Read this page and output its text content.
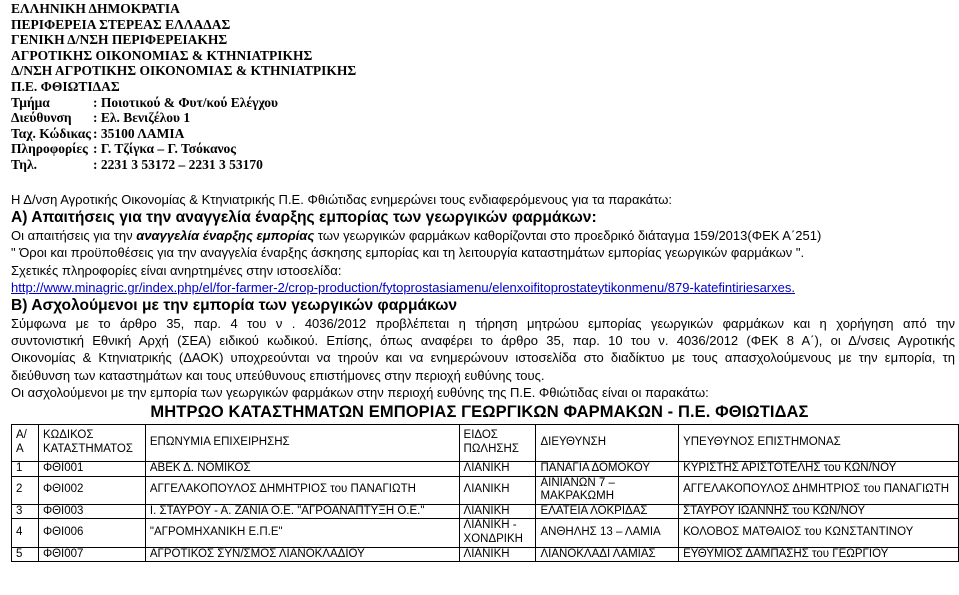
ΕΛΛΗΝΙΚΗ ΔΗΜΟΚΡΑΤΙΑ
ΠΕΡΙΦΕΡΕΙΑ ΣΤΕΡΕΑΣ ΕΛΛΑΔΑΣ
ΓΕΝΙΚΗ Δ/ΝΣΗ ΠΕΡΙΦΕΡΕΙΑΚΗΣ
ΑΓΡΟΤΙΚΗΣ ΟΙΚΟΝΟΜΙΑΣ & ΚΤΗΝΙΑΤΡΙΚΗΣ
Δ/ΝΣΗ ΑΓΡΟΤΙΚΗΣ ΟΙΚΟΝΟΜΙΑΣ & ΚΤΗΝΙΑΤΡΙΚΗΣ
Π.Ε. ΦΘΙΩΤΙΔΑΣ
Τμήμα	: Ποιοτικού & Φυτ/κού Ελέγχου
Διεύθυνση	: Ελ. Βενιζέλου 1
Ταχ. Κώδικας : 35100 ΛΑΜΙΑ
Πληροφορίες : Γ. Τζίγκα – Γ. Τσόκανος
Τηλ.	: 2231 3 53172 – 2231 3 53170
Η Δ/νση Αγροτικής Οικονομίας & Κτηνιατρικής Π.Ε. Φθιώτιδας ενημερώνει τους ενδιαφερόμενους για τα παρακάτω:
Α) Απαιτήσεις για την αναγγελία έναρξης εμπορίας των γεωργικών φαρμάκων:
Οι απαιτήσεις για την αναγγελία έναρξης εμπορίας των γεωργικών φαρμάκων καθορίζονται στο προεδρικό διάταγμα 159/2013(ΦΕΚ Α΄251)
" Όροι και προϋποθέσεις για την αναγγελία έναρξης άσκησης εμπορίας και τη λειτουργία καταστημάτων εμπορίας γεωργικών φαρμάκων ".
Σχετικές πληροφορίες είναι ανηρτημένες στην ιστοσελίδα:
http://www.minagric.gr/index.php/el/for-farmer-2/crop-production/fytoprostasiamenu/elenxoifitoprostateytikonmenu/879-katefintiriesarxes.
Β) Ασχολούμενοι με την εμπορία των γεωργικών φαρμάκων
Σύμφωνα με το άρθρο 35, παρ. 4 του ν . 4036/2012 προβλέπεται η τήρηση μητρώου εμπορίας γεωργικών φαρμάκων και η χορήγηση από την
συντονιστική Εθνική Αρχή (ΣΕΑ) ειδικού κωδικού. Επίσης, όπως αναφέρει το άρθρο 35, παρ. 10 του ν. 4036/2012 (ΦΕΚ 8 Α΄), οι Δ/νσεις Αγροτικής
Οικονομίας & Κτηνιατρικής (ΔΑΟΚ) υποχρεούνται να τηρούν και να ενημερώνουν ιστοσελίδα στο διαδίκτυο με τους απασχολούμενους με την εμπορία, τη
διεύθυνση των καταστημάτων και τους υπεύθυνους επιστήμονες στην περιοχή ευθύνης τους.
Οι ασχολούμενοι με την εμπορία των γεωργικών φαρμάκων στην περιοχή ευθύνης της Π.Ε. Φθιώτιδας είναι οι παρακάτω:
ΜΗΤΡΩΟ ΚΑΤΑΣΤΗΜΑΤΩΝ ΕΜΠΟΡΙΑΣ ΓΕΩΡΓΙΚΩΝ ΦΑΡΜΑΚΩΝ - Π.Ε. ΦΘΙΩΤΙΔΑΣ
Α/Α	ΚΩΔΙΚΟΣ ΚΑΤΑΣΤΗΜΑΤΟΣ	ΕΠΩΝΥΜΙΑ ΕΠΙΧΕΙΡΗΣΗΣ	ΕΙΔΟΣ ΠΩΛΗΣΗΣ	ΔΙΕΥΘΥΝΣΗ	ΥΠΕΥΘΥΝΟΣ ΕΠΙΣΤΗΜΟΝΑΣ
1	ΦΘΙ001	ΑΒΕΚ Δ. ΝΟΜΙΚΟΣ	ΛΙΑΝΙΚΗ	ΠΑΝΑΓΙΑ ΔΟΜΟΚΟΥ	ΚΥΡΙΣΤΗΣ ΑΡΙΣΤΟΤΕΛΗΣ του ΚΩΝ/ΝΟΥ
2	ΦΘΙ002	ΑΓΓΕΛΑΚΟΠΟΥΛΟΣ ΔΗΜΗΤΡΙΟΣ του ΠΑΝΑΓΙΩΤΗ	ΛΙΑΝΙΚΗ	ΑΙΝΙΑΝΩΝ 7 – ΜΑΚΡΑΚΩΜΗ	ΑΓΓΕΛΑΚΟΠΟΥΛΟΣ ΔΗΜΗΤΡΙΟΣ του ΠΑΝΑΓΙΩΤΗ
3	ΦΘΙ003	Ι. ΣΤΑΥΡΟΥ - Α. ΖΑΝΙΑ Ο.Ε. "ΑΓΡΟΑΝΑΠΤΥΞΗ Ο.Ε."	ΛΙΑΝΙΚΗ	ΕΛΑΤΕΙΑ ΛΟΚΡΙΔΑΣ	ΣΤΑΥΡΟΥ ΙΩΑΝΝΗΣ του ΚΩΝ/ΝΟΥ
4	ΦΘΙ006	"ΑΓΡΟΜΗΧΑΝΙΚΗ Ε.Π.Ε"	ΛΙΑΝΙΚΗ - ΧΟΝΔΡΙΚΗ	ΑΝΘΗΛΗΣ 13 – ΛΑΜΙΑ	ΚΟΛΟΒΟΣ ΜΑΤΘΑΙΟΣ του ΚΩΝΣΤΑΝΤΙΝΟΥ
5	ΦΘΙ007	ΑΓΡΟΤΙΚΟΣ ΣΥΝ/ΣΜΟΣ ΛΙΑΝΟΚΛΑΔΙΟΥ	ΛΙΑΝΙΚΗ	ΛΙΑΝΟΚΛΑΔΙ ΛΑΜΙΑΣ	ΕΥΘΥΜΙΟΣ ΔΑΜΠΑΣΗΣ του ΓΕΩΡΓΙΟΥ
